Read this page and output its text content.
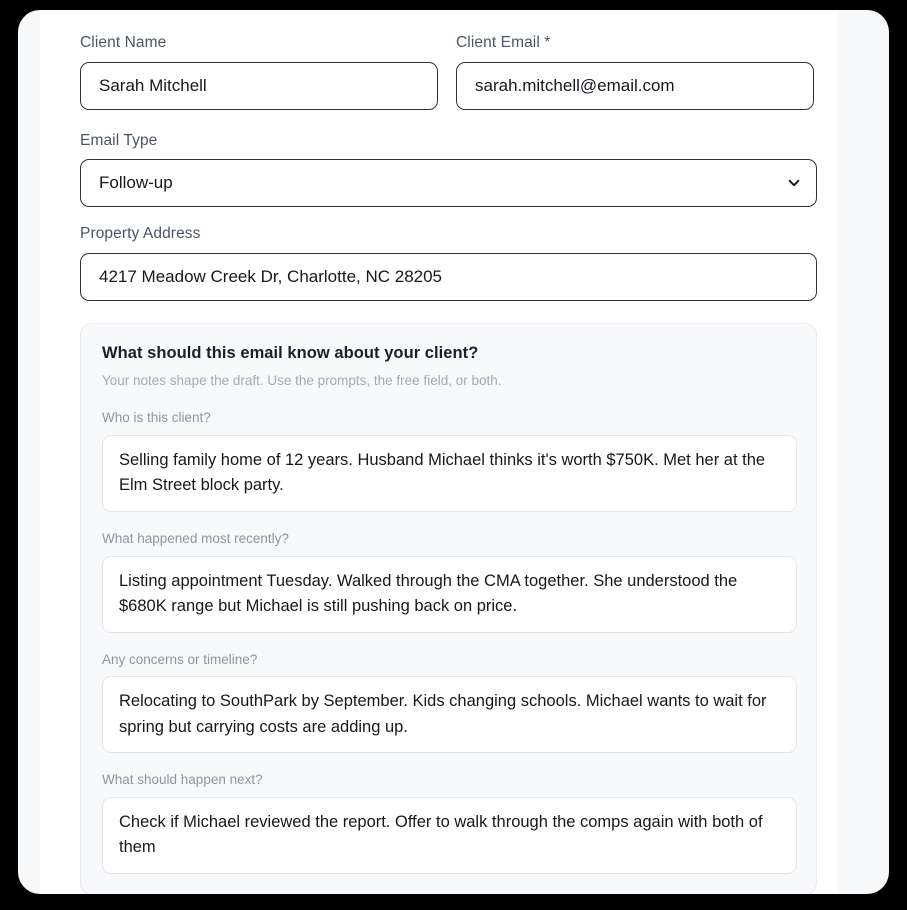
Client Name
Sarah Mitchell
Client Email *
sarah.mitchell@email.com
Email Type
Follow-up
Property Address
4217 Meadow Creek Dr, Charlotte, NC 28205
What should this email know about your client?
Your notes shape the draft. Use the prompts, the free field, or both.
Who is this client?
Selling family home of 12 years. Husband Michael thinks it's worth $750K. Met her at the Elm Street block party.
What happened most recently?
Listing appointment Tuesday. Walked through the CMA together. She understood the $680K range but Michael is still pushing back on price.
Any concerns or timeline?
Relocating to SouthPark by September. Kids changing schools. Michael wants to wait for spring but carrying costs are adding up.
What should happen next?
Check if Michael reviewed the report. Offer to walk through the comps again with both of them
